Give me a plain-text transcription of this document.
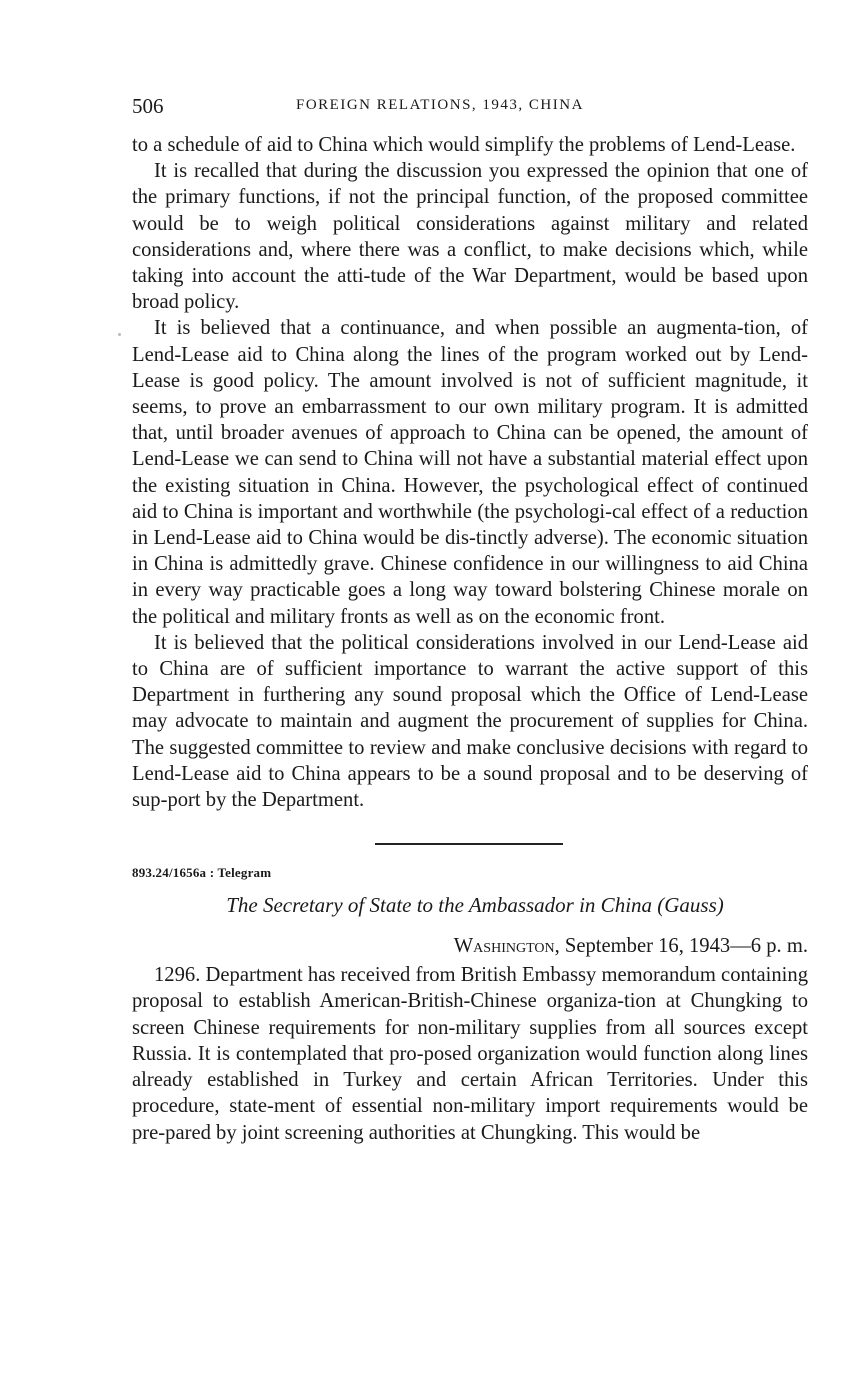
506	FOREIGN RELATIONS, 1943, CHINA

to a schedule of aid to China which would simplify the problems of Lend-Lease.

It is recalled that during the discussion you expressed the opinion that one of the primary functions, if not the principal function, of the proposed committee would be to weigh political considerations against military and related considerations and, where there was a conflict, to make decisions which, while taking into account the atti-tude of the War Department, would be based upon broad policy.

It is believed that a continuance, and when possible an augmenta-tion, of Lend-Lease aid to China along the lines of the program worked out by Lend-Lease is good policy. The amount involved is not of sufficient magnitude, it seems, to prove an embarrassment to our own military program. It is admitted that, until broader avenues of approach to China can be opened, the amount of Lend-Lease we can send to China will not have a substantial material effect upon the existing situation in China. However, the psychological effect of continued aid to China is important and worthwhile (the psychologi-cal effect of a reduction in Lend-Lease aid to China would be dis-tinctly adverse). The economic situation in China is admittedly grave. Chinese confidence in our willingness to aid China in every way practicable goes a long way toward bolstering Chinese morale on the political and military fronts as well as on the economic front.

It is believed that the political considerations involved in our Lend-Lease aid to China are of sufficient importance to warrant the active support of this Department in furthering any sound proposal which the Office of Lend-Lease may advocate to maintain and augment the procurement of supplies for China. The suggested committee to review and make conclusive decisions with regard to Lend-Lease aid to China appears to be a sound proposal and to be deserving of sup-port by the Department.

893.24/1656a : Telegram
The Secretary of State to the Ambassador in China (Gauss)
Washington, September 16, 1943—6 p. m.

1296. Department has received from British Embassy memorandum containing proposal to establish American-British-Chinese organiza-tion at Chungking to screen Chinese requirements for non-military supplies from all sources except Russia. It is contemplated that pro-posed organization would function along lines already established in Turkey and certain African Territories. Under this procedure, state-ment of essential non-military import requirements would be pre-pared by joint screening authorities at Chungking. This would be
